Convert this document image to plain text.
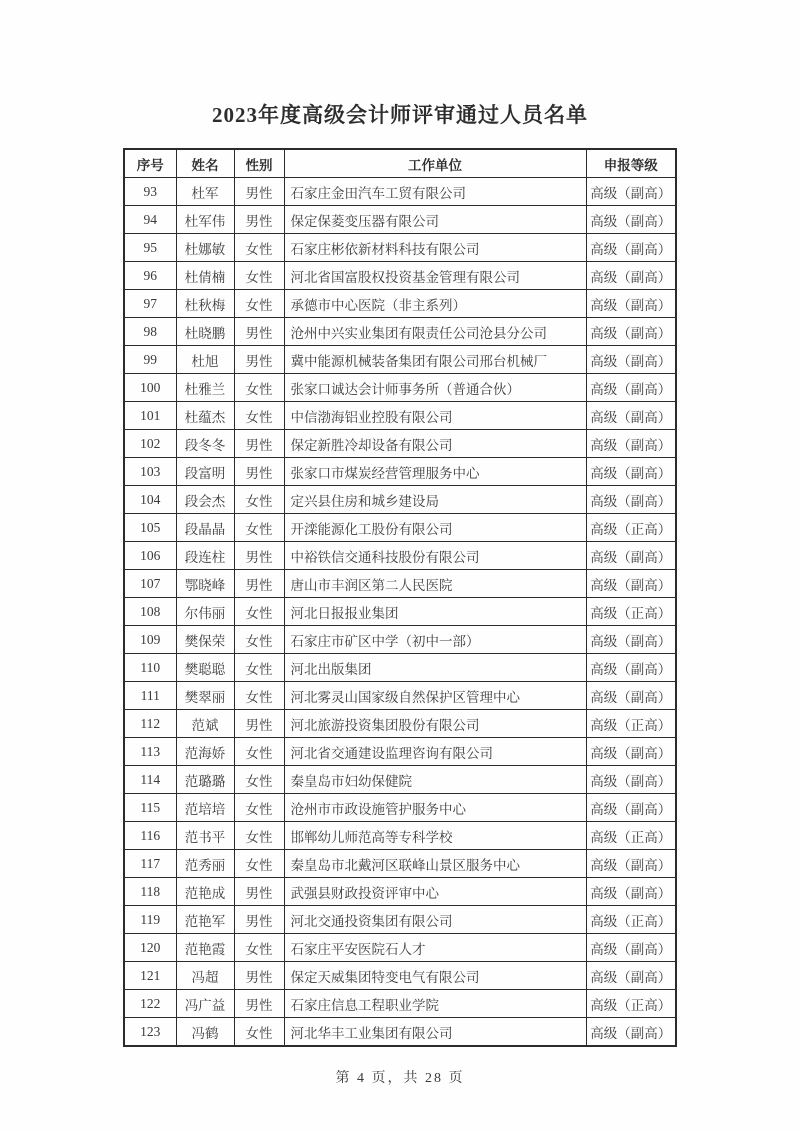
2023年度高级会计师评审通过人员名单
序号	姓名	性别	工作单位	申报等级
93	杜军	男性	石家庄金田汽车工贸有限公司	高级（副高）
94	杜军伟	男性	保定保菱变压器有限公司	高级（副高）
95	杜娜敏	女性	石家庄彬依新材料科技有限公司	高级（副高）
96	杜倩楠	女性	河北省国富股权投资基金管理有限公司	高级（副高）
97	杜秋梅	女性	承德市中心医院（非主系列）	高级（副高）
98	杜晓鹏	男性	沧州中兴实业集团有限责任公司沧县分公司	高级（副高）
99	杜旭	男性	冀中能源机械装备集团有限公司邢台机械厂	高级（副高）
100	杜雅兰	女性	张家口诚达会计师事务所（普通合伙）	高级（副高）
101	杜蕴杰	女性	中信渤海铝业控股有限公司	高级（副高）
102	段冬冬	男性	保定新胜冷却设备有限公司	高级（副高）
103	段富明	男性	张家口市煤炭经营管理服务中心	高级（副高）
104	段会杰	女性	定兴县住房和城乡建设局	高级（副高）
105	段晶晶	女性	开滦能源化工股份有限公司	高级（正高）
106	段连柱	男性	中裕铁信交通科技股份有限公司	高级（副高）
107	鄂晓峰	男性	唐山市丰润区第二人民医院	高级（副高）
108	尔伟丽	女性	河北日报报业集团	高级（正高）
109	樊保荣	女性	石家庄市矿区中学（初中一部）	高级（副高）
110	樊聪聪	女性	河北出版集团	高级（副高）
111	樊翠丽	女性	河北雾灵山国家级自然保护区管理中心	高级（副高）
112	范斌	男性	河北旅游投资集团股份有限公司	高级（正高）
113	范海娇	女性	河北省交通建设监理咨询有限公司	高级（副高）
114	范璐璐	女性	秦皇岛市妇幼保健院	高级（副高）
115	范培培	女性	沧州市市政设施管护服务中心	高级（副高）
116	范书平	女性	邯郸幼儿师范高等专科学校	高级（正高）
117	范秀丽	女性	秦皇岛市北戴河区联峰山景区服务中心	高级（副高）
118	范艳成	男性	武强县财政投资评审中心	高级（副高）
119	范艳军	男性	河北交通投资集团有限公司	高级（正高）
120	范艳霞	女性	石家庄平安医院石人才	高级（副高）
121	冯超	男性	保定天威集团特变电气有限公司	高级（副高）
122	冯广益	男性	石家庄信息工程职业学院	高级（正高）
123	冯鹤	女性	河北华丰工业集团有限公司	高级（副高）
第 4 页，共 28 页
